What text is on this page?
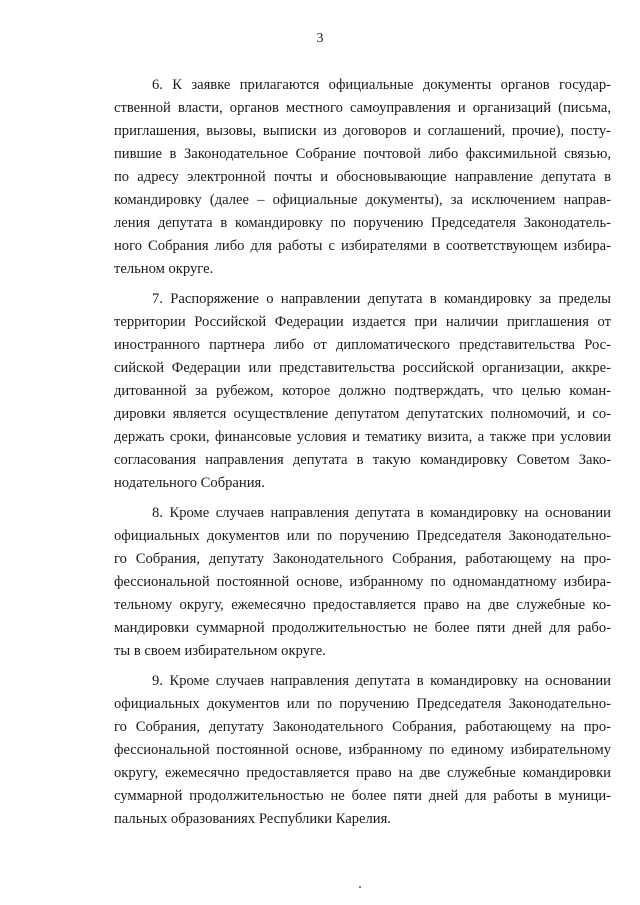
3

6. К заявке прилагаются официальные документы органов государ-
ственной власти, органов местного самоуправления и организаций (письма,
приглашения, вызовы, выписки из договоров и соглашений, прочие), посту-
пившие в Законодательное Собрание почтовой либо факсимильной связью,
по адресу электронной почты и обосновывающие направление депутата в
командировку (далее – официальные документы), за исключением направ-
ления депутата в командировку по поручению Председателя Законодатель-
ного Собрания либо для работы с избирателями в соответствующем избира-
тельном округе.

7. Распоряжение о направлении депутата в командировку за пределы
территории Российской Федерации издается при наличии приглашения от
иностранного партнера либо от дипломатического представительства Рос-
сийской Федерации или представительства российской организации, аккре-
дитованной за рубежом, которое должно подтверждать, что целью коман-
дировки является осуществление депутатом депутатских полномочий, и со-
держать сроки, финансовые условия и тематику визита, а также при условии
согласования направления депутата в такую командировку Советом Зако-
нодательного Собрания.

8. Кроме случаев направления депутата в командировку на основании
официальных документов или по поручению Председателя Законодательно-
го Собрания, депутату Законодательного Собрания, работающему на про-
фессиональной постоянной основе, избранному по одномандатному избира-
тельному округу, ежемесячно предоставляется право на две служебные ко-
мандировки суммарной продолжительностью не более пяти дней для рабо-
ты в своем избирательном округе.

9. Кроме случаев направления депутата в командировку на основании
официальных документов или по поручению Председателя Законодательно-
го Собрания, депутату Законодательного Собрания, работающему на про-
фессиональной постоянной основе, избранному по единому избирательному
округу, ежемесячно предоставляется право на две служебные командировки
суммарной продолжительностью не более пяти дней для работы в муници-
пальных образованиях Республики Карелия.
